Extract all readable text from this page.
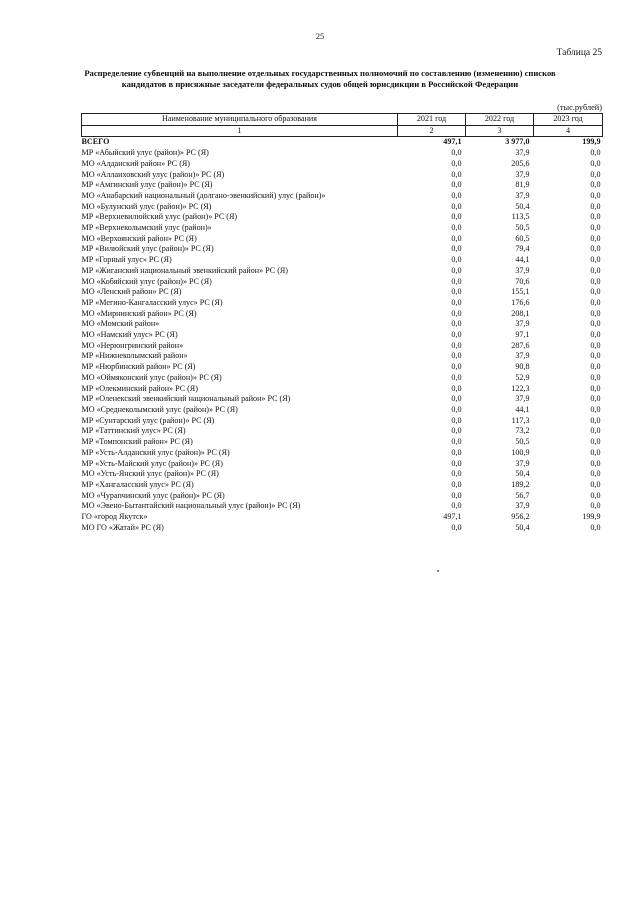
25
Таблица 25
Распределение субвенций на выполнение отдельных государственных полномочий по составлению (изменению) списков кандидатов в присяжные заседатели федеральных судов общей юрисдикции в Российской Федерации
(тыс.рублей)
Наименование муниципального образования	2021 год	2022 год	2023 год
1	2	3	4
ВСЕГО	497,1	3 977,0	199,9
МР «Абыйский улус (район)» РС (Я)	0,0	37,9	0,0
МО «Алданский район» РС (Я)	0,0	205,6	0,0
МО «Аллаиховский улус (район)» РС (Я)	0,0	37,9	0,0
МР «Амгинский улус (район)» РС (Я)	0,0	81,9	0,0
МО «Анабарский национальный (долгано-эвенкийский) улус (район)»	0,0	37,9	0,0
МО «Булунский улус (район)» РС (Я)	0,0	50,4	0,0
МР «Верхневилюйский улус (район)» РС (Я)	0,0	113,5	0,0
МР «Верхнеколымский улус (район)»	0,0	50,5	0,0
МО «Верхоянский район» РС (Я)	0,0	60,5	0,0
МР «Вилюйский улус (район)» РС (Я)	0,0	79,4	0,0
МР «Горный улус» РС (Я)	0,0	44,1	0,0
МР «Жиганский национальный эвенкийский район» РС (Я)	0,0	37,9	0,0
МО «Кобяйский улус (район)» РС (Я)	0,0	70,6	0,0
МО «Ленский район» РС (Я)	0,0	155,1	0,0
МР «Мегино-Кангаласский улус» РС (Я)	0,0	176,6	0,0
МО «Мирнинский район» РС (Я)	0,0	208,1	0,0
МО «Момский район»	0,0	37,9	0,0
МО «Намский улус» РС (Я)	0,0	97,1	0,0
МО «Нерюнгринский район»	0,0	287,6	0,0
МР «Нижнеколымский район»	0,0	37,9	0,0
МР «Нюрбинский район» РС (Я)	0,0	90,8	0,0
МО «Оймяконский улус (район)» РС (Я)	0,0	52,9	0,0
МР «Олекминский район» РС (Я)	0,0	122,3	0,0
МР «Оленекский эвенкийский национальный район» РС (Я)	0,0	37,9	0,0
МО «Среднеколымский улус (район)» РС (Я)	0,0	44,1	0,0
МР «Сунтарский улус (район)» РС (Я)	0,0	117,3	0,0
МР «Таттинский улус» РС (Я)	0,0	73,2	0,0
МР «Томпонский район» РС (Я)	0,0	50,5	0,0
МР «Усть-Алданский улус (район)» РС (Я)	0,0	100,9	0,0
МР «Усть-Майский улус (район)» РС (Я)	0,0	37,9	0,0
МО «Усть-Янский улус (район)» РС (Я)	0,0	50,4	0,0
МР «Хангаласский улус» РС (Я)	0,0	189,2	0,0
МО «Чурапчинский улус (район)» РС (Я)	0,0	56,7	0,0
МО «Эвено-Бытантайский национальный улус (район)» РС (Я)	0,0	37,9	0,0
ГО «город Якутск»	497,1	956,2	199,9
МО ГО «Жатай» РС (Я)	0,0	50,4	0,0
